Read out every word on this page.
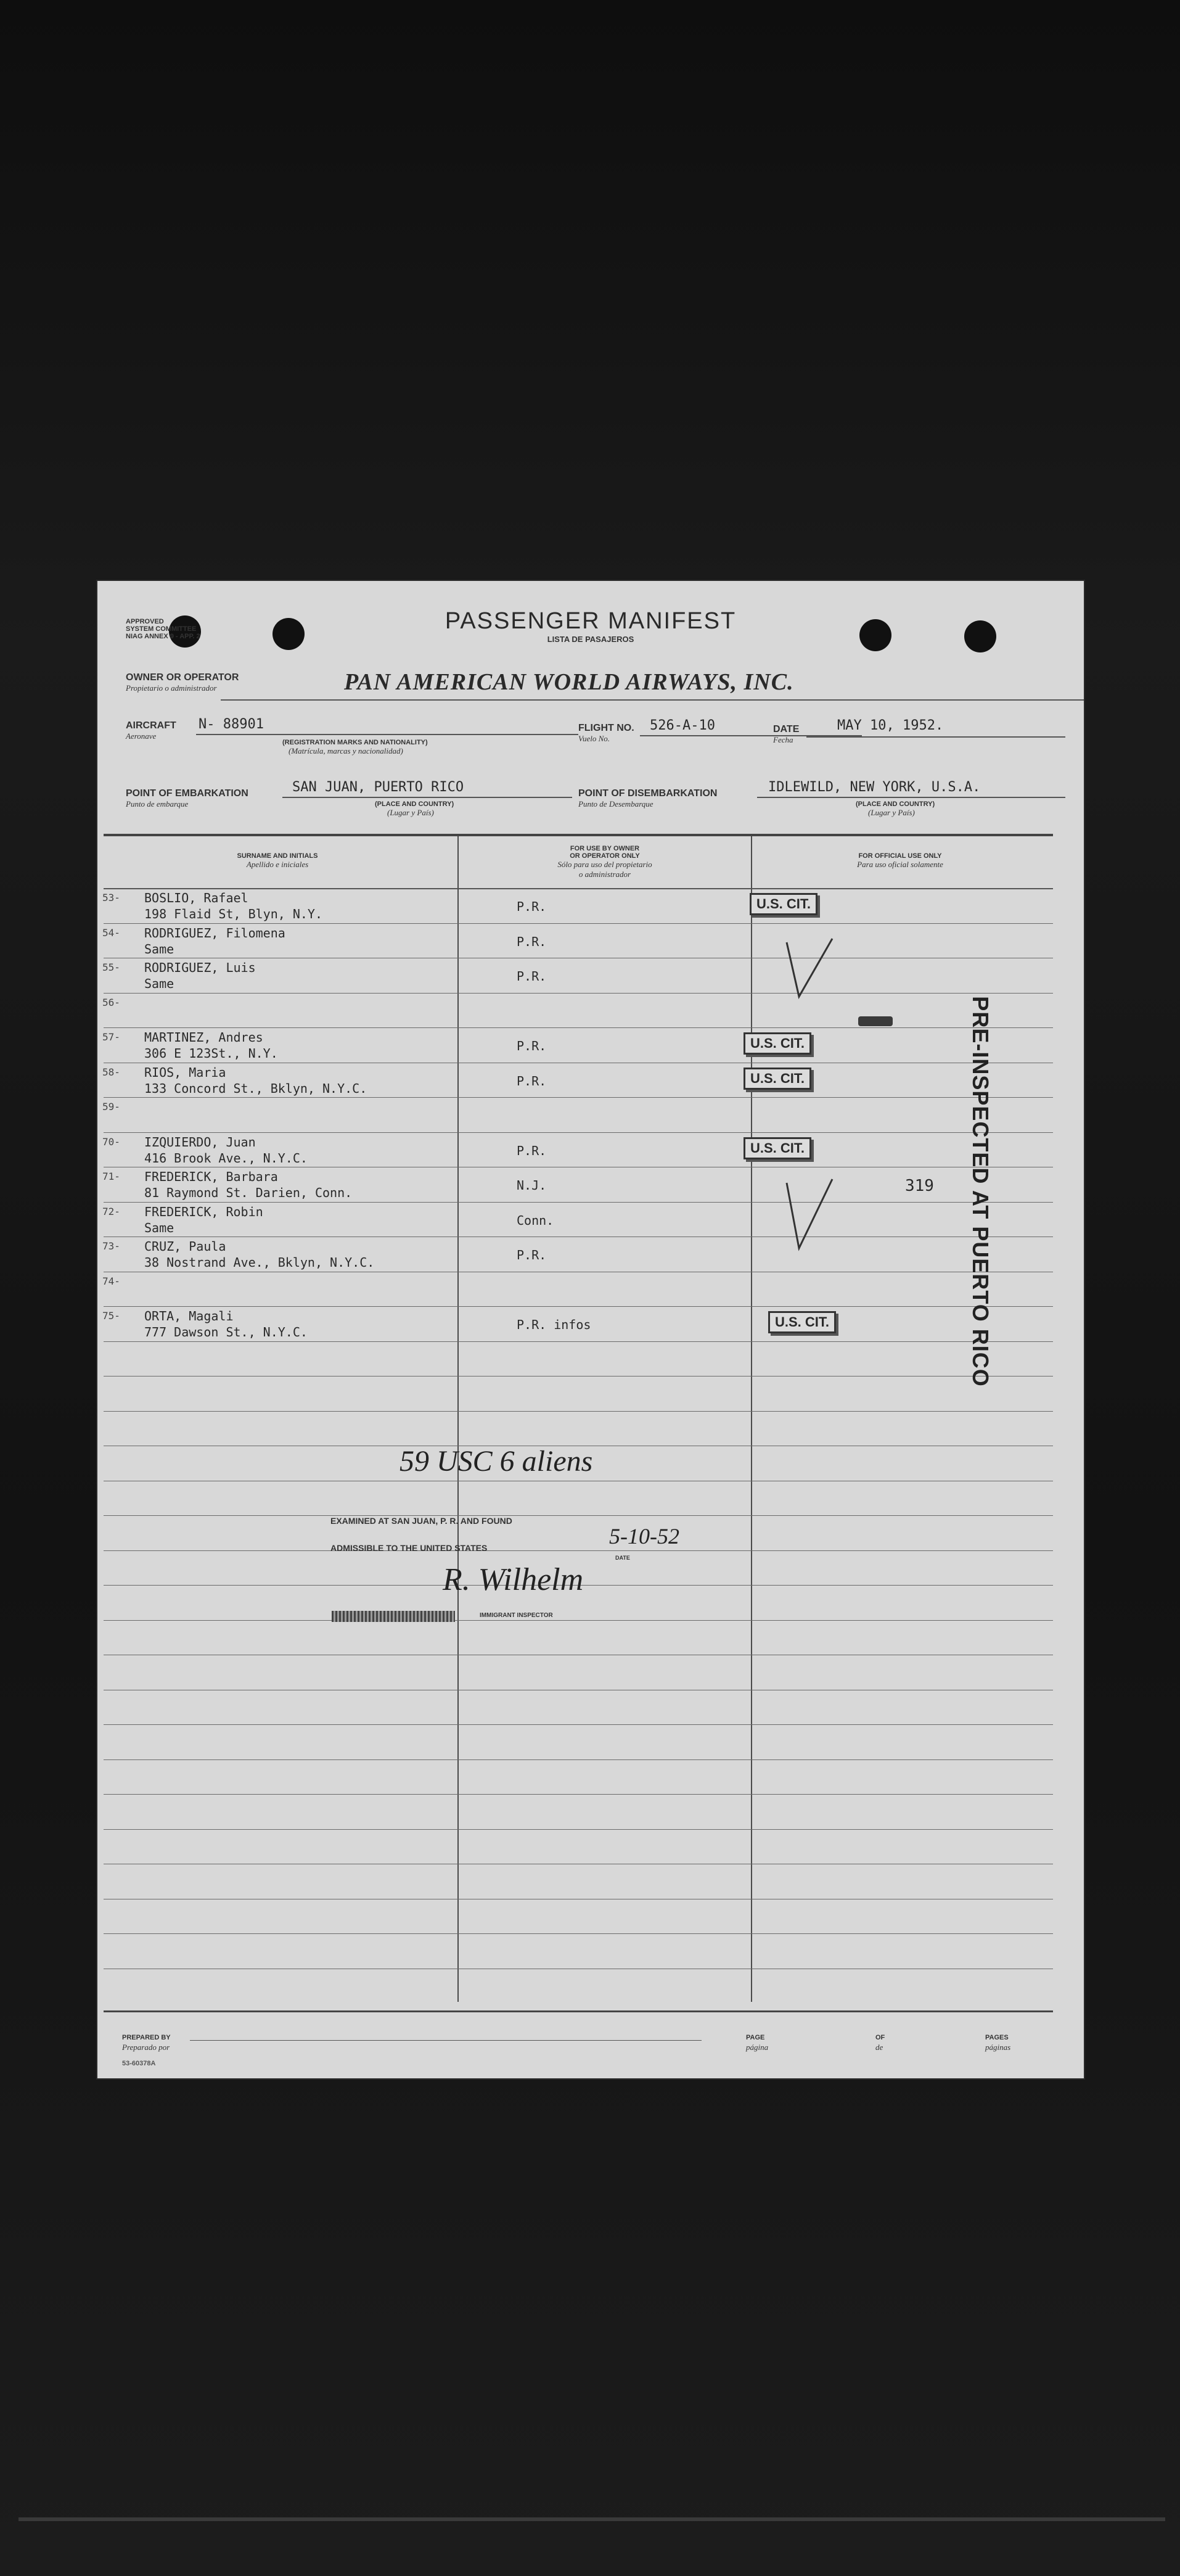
APPROVED
SYSTEM COMMITTEE
NIAG ANNEX 9 - APP. 2
PASSENGER MANIFEST
LISTA DE PASAJEROS
OWNER OR OPERATOR
Propietario o administrador	PAN AMERICAN WORLD AIRWAYS, INC.
AIRCRAFT
Aeronave
N- 88901
(REGISTRATION MARKS AND NATIONALITY)
(Matrícula, marcas y nacionalidad)
FLIGHT NO.
Vuelo No.
526-A-10	DATE
Fecha
MAY 10, 1952.
POINT OF EMBARKATION
Punto de embarque
SAN JUAN, PUERTO RICO
(PLACE AND COUNTRY)
(Lugar y País)
POINT OF DISEMBARKATION
Punto de Desembarque
IDLEWILD, NEW YORK, U.S.A.
(PLACE AND COUNTRY)
(Lugar y País)
SURNAME AND INITIALS
Apellido e iniciales
FOR USE BY OWNER
OR OPERATOR ONLY
Sólo para uso del propietario
o administrador
FOR OFFICIAL USE ONLY
Para uso oficial solamente
53- BOSLIO, Rafael
198 Flaid St, Blyn, N.Y.	P.R.	U.S. CIT.
54- RODRIGUEZ, Filomena
Same	P.R.
55- RODRIGUEZ, Luis
Same	P.R.
56-
57- MARTINEZ, Andres
306 E 123St., N.Y.	P.R.	U.S. CIT.
58- RIOS, Maria
133 Concord St., Bklyn, N.Y.C.	P.R.	U.S. CIT.
59-
70- IZQUIERDO, Juan
416 Brook Ave., N.Y.C.	P.R.	U.S. CIT.
71- FREDERICK, Barbara
81 Raymond St. Darien, Conn.	N.J.
72- FREDERICK, Robin
Same	Conn.
73- CRUZ, Paula
38 Nostrand Ave., Bklyn, N.Y.C.	P.R.
74-
75- ORTA, Magali
777 Dawson St., N.Y.C.	P.R. infos	U.S. CIT.
319 PRE-INSPECTED AT PUERTO RICO
59 USC 6 aliens
EXAMINED AT SAN JUAN, P. R. AND FOUND
ADMISSIBLE TO THE UNITED STATES
DATE
5-10-52
R. Wilhelm
IMMIGRANT INSPECTOR
PREPARED BY
Preparado por
53-60378A
PAGE
página
OF
de
PAGES
páginas
